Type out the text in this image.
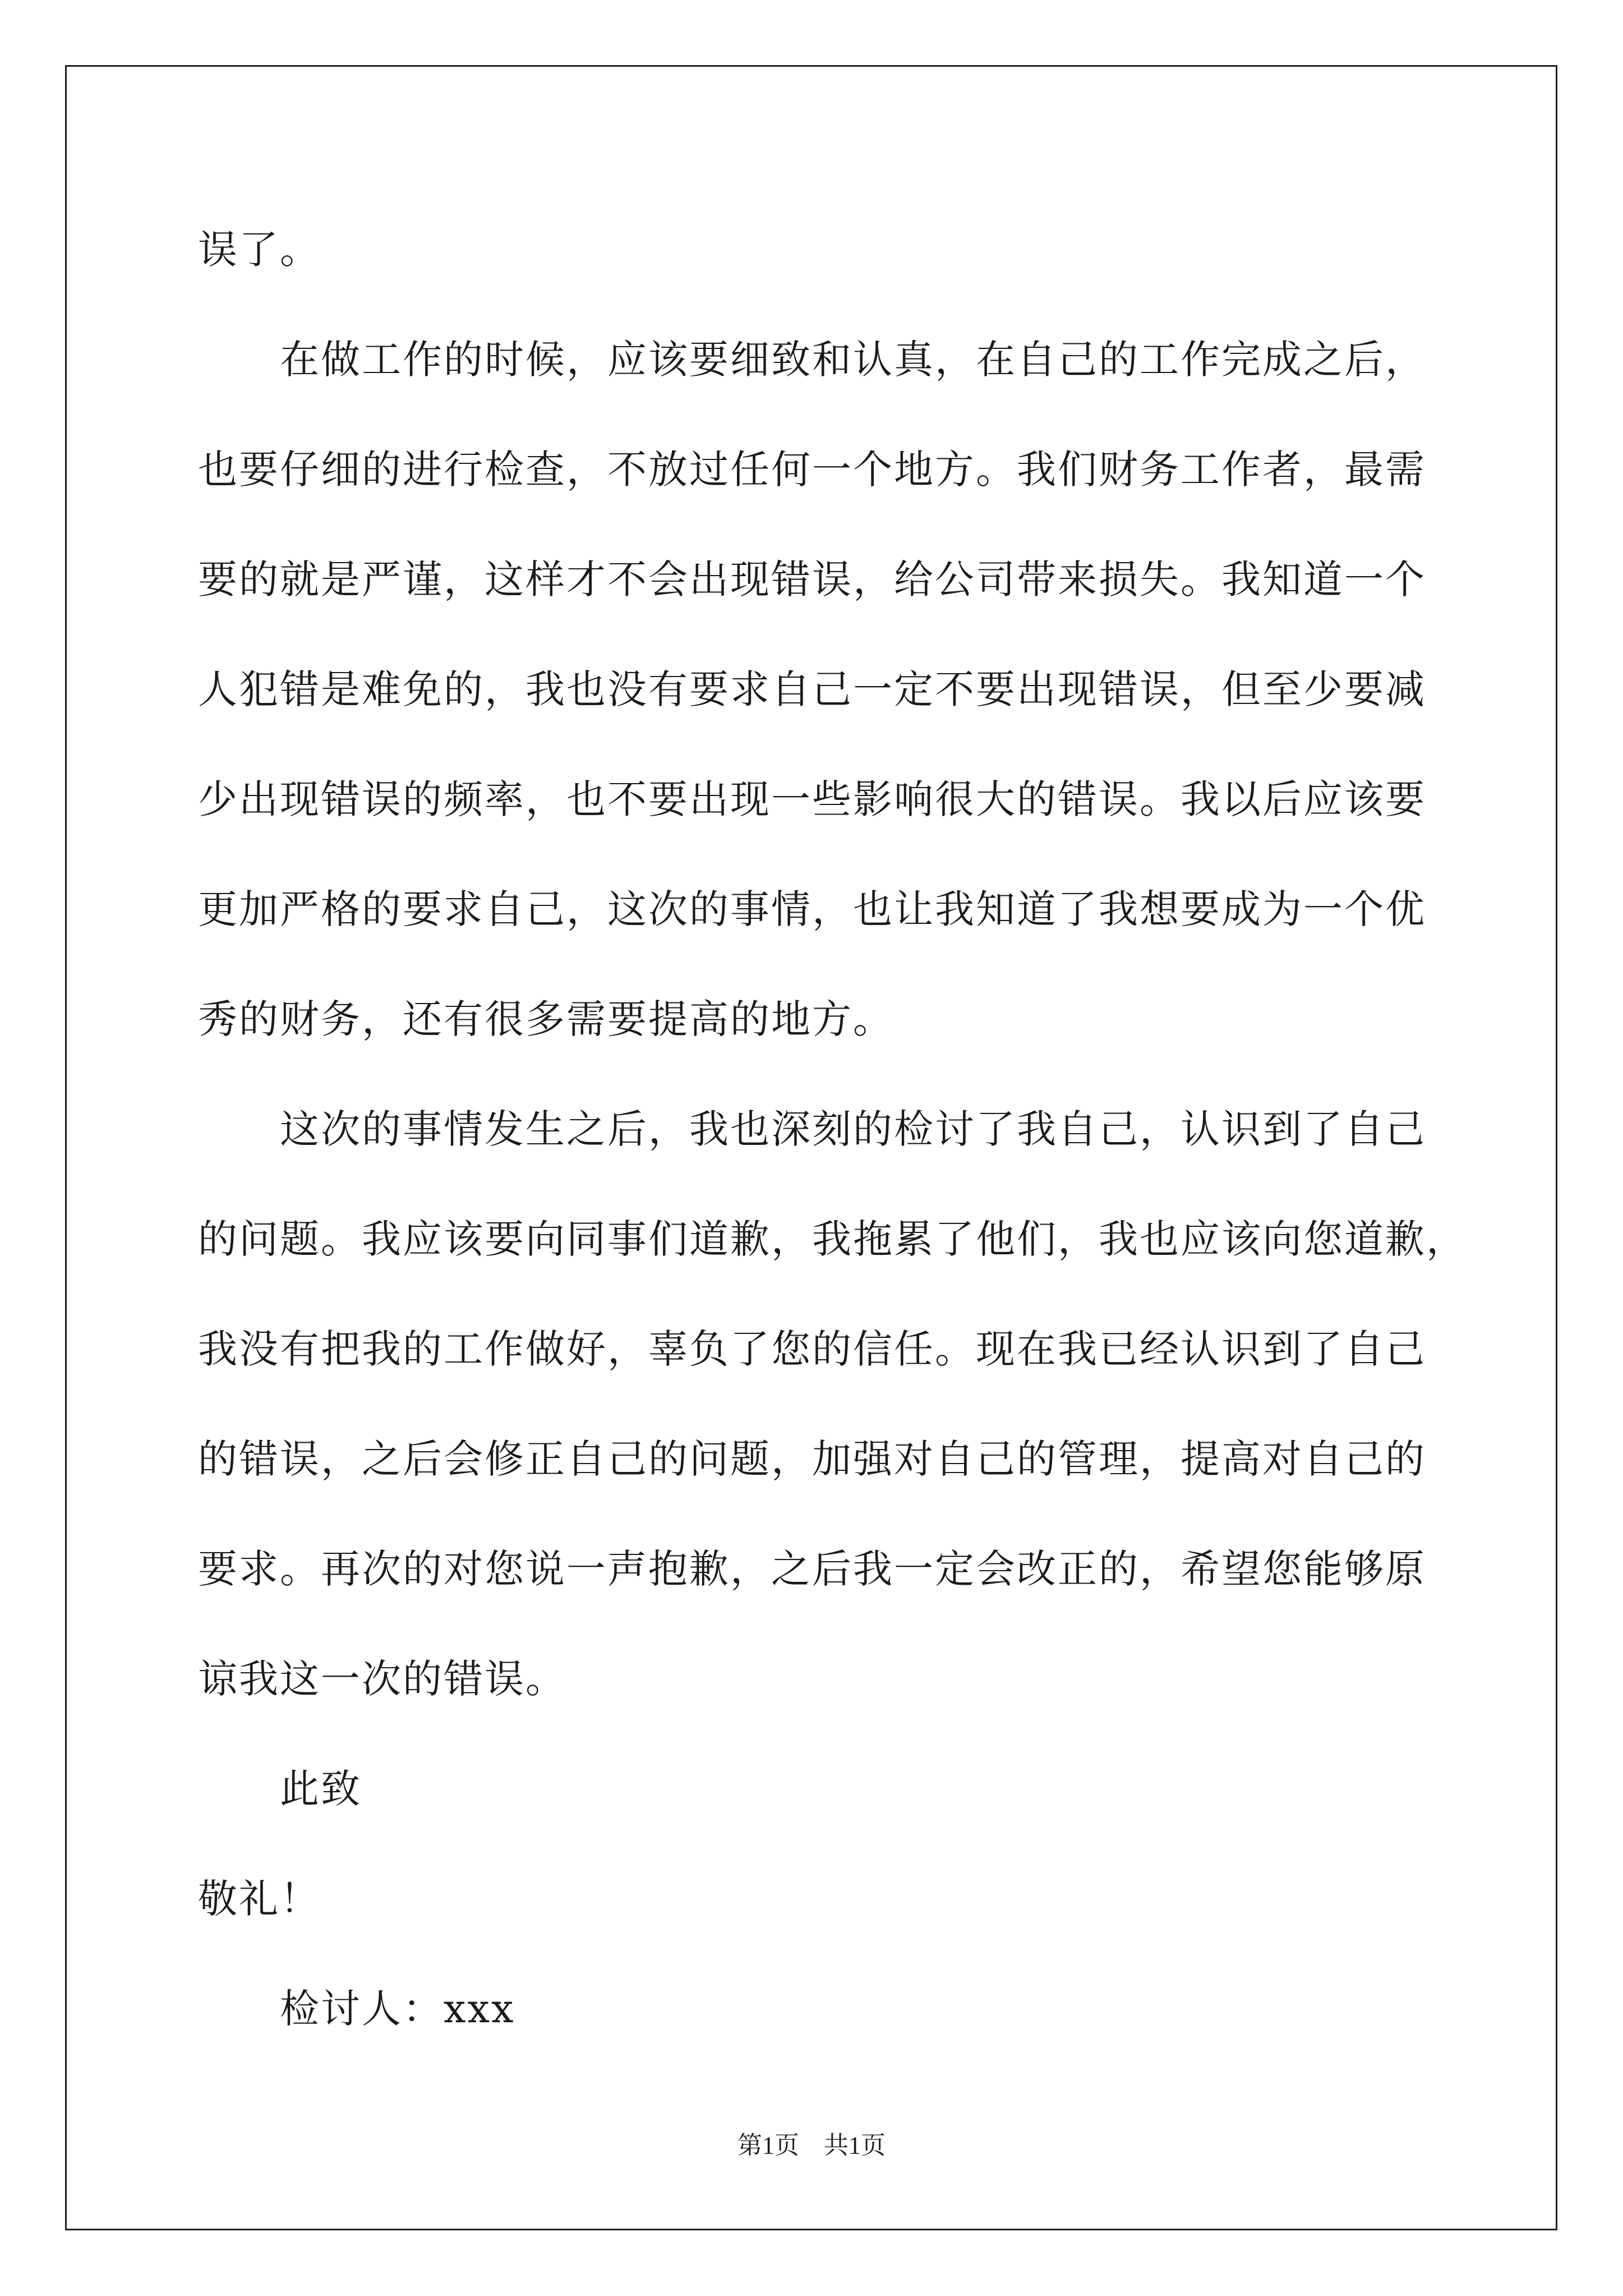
误了。
在做工作的时候，应该要细致和认真，在自己的工作完成之后，
也要仔细的进行检查，不放过任何一个地方。我们财务工作者，最需
要的就是严谨，这样才不会出现错误，给公司带来损失。我知道一个
人犯错是难免的，我也没有要求自己一定不要出现错误，但至少要减
少出现错误的频率，也不要出现一些影响很大的错误。我以后应该要
更加严格的要求自己，这次的事情，也让我知道了我想要成为一个优
秀的财务，还有很多需要提高的地方。
这次的事情发生之后，我也深刻的检讨了我自己，认识到了自己
的问题。我应该要向同事们道歉，我拖累了他们，我也应该向您道歉，
我没有把我的工作做好，辜负了您的信任。现在我已经认识到了自己
的错误，之后会修正自己的问题，加强对自己的管理，提高对自己的
要求。再次的对您说一声抱歉，之后我一定会改正的，希望您能够原
谅我这一次的错误。
此致
敬礼！
检讨人：xxx
第1页　共1页
